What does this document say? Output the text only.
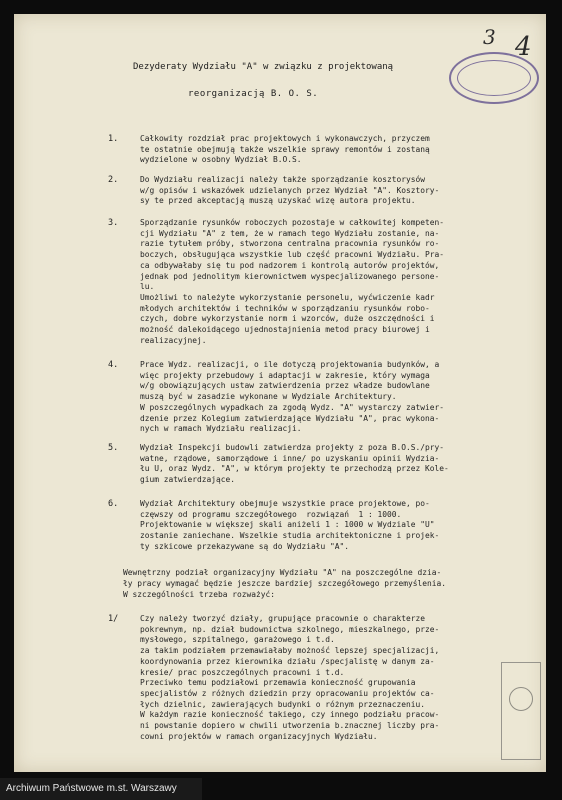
3 4
Dezyderaty Wydziału "A" w związku z projektowaną
reorganizacją B. O. S.
1.	Całkowity rozdział prac projektowych i wykonawczych, przyczem
te ostatnie obejmują także wszelkie sprawy remontów i zostaną
wydzielone w osobny Wydział B.O.S.
2.	Do Wydziału realizacji należy także sporządzanie kosztorysów
w/g opisów i wskazówek udzielanych przez Wydział "A". Kosztory-
sy te przed akceptacją muszą uzyskać wizę autora projektu.
3.	Sporządzanie rysunków roboczych pozostaje w całkowitej kompeten-
cji Wydziału "A" z tem, że w ramach tego Wydziału zostanie, na-
razie tytułem próby, stworzona centralna pracownia rysunków ro-
boczych, obsługująca wszystkie lub część pracowni Wydziału. Pra-
ca odbywałaby się tu pod nadzorem i kontrolą autorów projektów,
jednak pod jednolitym kierownictwem wyspecjalizowanego persone-
lu.
Umożliwi to należyte wykorzystanie personelu, wyćwiczenie kadr
młodych architektów i techników w sporządzaniu rysunków robo-
czych, dobre wykorzystanie norm i wzorców, duże oszczędności i
możność dalekoidącego ujednostajnienia metod pracy biurowej i
realizacyjnej.
4.	Prace Wydz. realizacji, o ile dotyczą projektowania budynków, a
więc projekty przebudowy i adaptacji w zakresie, który wymaga
w/g obowiązujących ustaw zatwierdzenia przez władze budowlane
muszą być w zasadzie wykonane w Wydziale Architektury.
W poszczególnych wypadkach za zgodą Wydz. "A" wystarczy zatwier-
dzenie przez Kolegium zatwierdzające Wydziału "A", prac wykona-
nych w ramach Wydziału realizacji.
5.	Wydział Inspekcji budowli zatwierdza projekty z poza B.O.S./pry-
watne, rządowe, samorządowe i inne/ po uzyskaniu opinii Wydzia-
łu U, oraz Wydz. "A", w którym projekty te przechodzą przez Kole-
gium zatwierdzające.
6.	Wydział Architektury obejmuje wszystkie prace projektowe, po-
częwszy od programu szczegółowego  rozwiązań  1 : 1000.
Projektowanie w większej skali aniżeli 1 : 1000 w Wydziale "U"
zostanie zaniechane. Wszelkie studia architektoniczne i projek-
ty szkicowe przekazywane są do Wydziału "A".
Wewnętrzny podział organizacyjny Wydziału "A" na poszczególne dzia-
ły pracy wymagać będzie jeszcze bardziej szczegółowego przemyślenia.
W szczególności trzeba rozważyć:
1/	Czy należy tworzyć działy, grupujące pracownie o charakterze
pokrewnym, np. dział budownictwa szkolnego, mieszkalnego, prze-
mysłowego, szpitalnego, garażowego i t.d.
za takim podziałem przemawiałaby możność lepszej specjalizacji,
koordynowania przez kierownika działu /specjalistę w danym za-
kresie/ prac poszczególnych pracowni i t.d.
Przeciwko temu podziałowi przemawia konieczność grupowania
specjalistów z różnych dziedzin przy opracowaniu projektów ca-
łych dzielnic, zawierających budynki o różnym przeznaczeniu.
W każdym razie konieczność takiego, czy innego podziału pracow-
ni powstanie dopiero w chwili utworzenia b.znacznej liczby pra-
cowni projektów w ramach organizacyjnych Wydziału.
Archiwum Państwowe m.st. Warszawy
